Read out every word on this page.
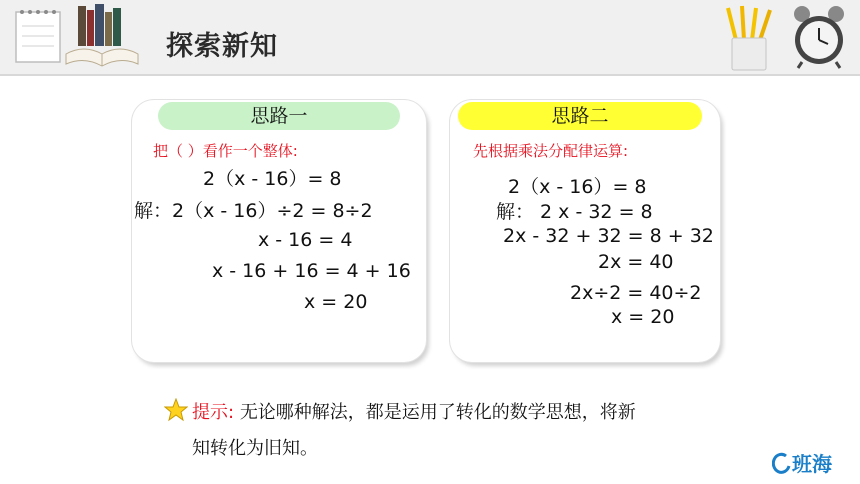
探索新知
思路一
把（ ）看作一个整体:
2（x - 16）= 8
解：2（x - 16）÷2 = 8÷2
x - 16 = 4
x - 16 + 16 = 4 + 16
x = 20
思路二
先根据乘法分配律运算:
2（x - 16）= 8
解： 2 x - 32 = 8
2x - 32 + 32 = 8 + 32
2x = 40
2x÷2 = 40÷2
x = 20
提示: 无论哪种解法，都是运用了转化的数学思想，将新
知转化为旧知。
班海
